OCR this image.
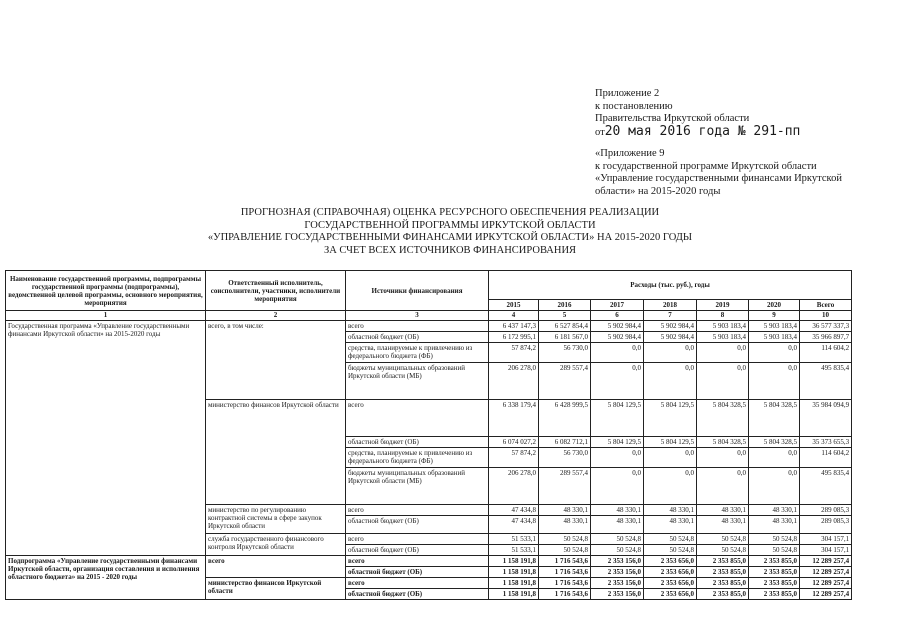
Приложение 2
к постановлению
Правительства Иркутской области
от20 мая 2016 года № 291-пп
«Приложение 9
к государственной программе Иркутской области
«Управление государственными финансами Иркутской
области» на 2015-2020 годы
ПРОГНОЗНАЯ (СПРАВОЧНАЯ) ОЦЕНКА РЕСУРСНОГО ОБЕСПЕЧЕНИЯ РЕАЛИЗАЦИИ
ГОСУДАРСТВЕННОЙ ПРОГРАММЫ ИРКУТСКОЙ ОБЛАСТИ
«УПРАВЛЕНИЕ ГОСУДАРСТВЕННЫМИ ФИНАНСАМИ ИРКУТСКОЙ ОБЛАСТИ» НА 2015-2020 ГОДЫ
ЗА СЧЕТ ВСЕХ ИСТОЧНИКОВ ФИНАНСИРОВАНИЯ
Наименование государственной программы, подпрограммы государственной программы (подпрограммы), ведомственной целевой программы, основного мероприятия, мероприятия	Ответственный исполнитель, соисполнители, участники, исполнители мероприятия	Источники финансирования	Расходы (тыс. руб.), годы						
			2015	2016	2017	2018	2019	2020	Всего
1	2	3	4	5	6	7	8	9	10
Государственная программа «Управление государственными финансами Иркутской области» на 2015-2020 годы	всего, в том числе:	всего	6 437 147,3	6 527 854,4	5 902 984,4	5 902 984,4	5 903 183,4	5 903 183,4	36 577 337,3
		областной бюджет (ОБ)	6 172 995,1	6 181 567,0	5 902 984,4	5 902 984,4	5 903 183,4	5 903 183,4	35 966 897,7
		средства, планируемые к привлечению из федерального бюджета (ФБ)	57 874,2	56 730,0	0,0	0,0	0,0	0,0	114 604,2
		бюджеты муниципальных образований Иркутской области (МБ)	206 278,0	289 557,4	0,0	0,0	0,0	0,0	495 835,4
	министерство финансов Иркутской области	всего	6 338 179,4	6 428 999,5	5 804 129,5	5 804 129,5	5 804 328,5	5 804 328,5	35 984 094,9
		областной бюджет (ОБ)	6 074 027,2	6 082 712,1	5 804 129,5	5 804 129,5	5 804 328,5	5 804 328,5	35 373 655,3
		средства, планируемые к привлечению из федерального бюджета (ФБ)	57 874,2	56 730,0	0,0	0,0	0,0	0,0	114 604,2
		бюджеты муниципальных образований Иркутской области (МБ)	206 278,0	289 557,4	0,0	0,0	0,0	0,0	495 835,4
	министерство по регулированию контрактной системы в сфере закупок Иркутской области	всего	47 434,8	48 330,1	48 330,1	48 330,1	48 330,1	48 330,1	289 085,3
		областной бюджет (ОБ)	47 434,8	48 330,1	48 330,1	48 330,1	48 330,1	48 330,1	289 085,3
	служба государственного финансового контроля Иркутской области	всего	51 533,1	50 524,8	50 524,8	50 524,8	50 524,8	50 524,8	304 157,1
		областной бюджет (ОБ)	51 533,1	50 524,8	50 524,8	50 524,8	50 524,8	50 524,8	304 157,1
Подпрограмма «Управление государственными финансами Иркутской области, организация составления и исполнения областного бюджета» на 2015 - 2020 годы	всего	всего	1 158 191,8	1 716 543,6	2 353 156,0	2 353 656,0	2 353 855,0	2 353 855,0	12 289 257,4
		областной бюджет (ОБ)	1 158 191,8	1 716 543,6	2 353 156,0	2 353 656,0	2 353 855,0	2 353 855,0	12 289 257,4
	министерство финансов Иркутской области	всего	1 158 191,8	1 716 543,6	2 353 156,0	2 353 656,0	2 353 855,0	2 353 855,0	12 289 257,4
		областной бюджет (ОБ)	1 158 191,8	1 716 543,6	2 353 156,0	2 353 656,0	2 353 855,0	2 353 855,0	12 289 257,4
